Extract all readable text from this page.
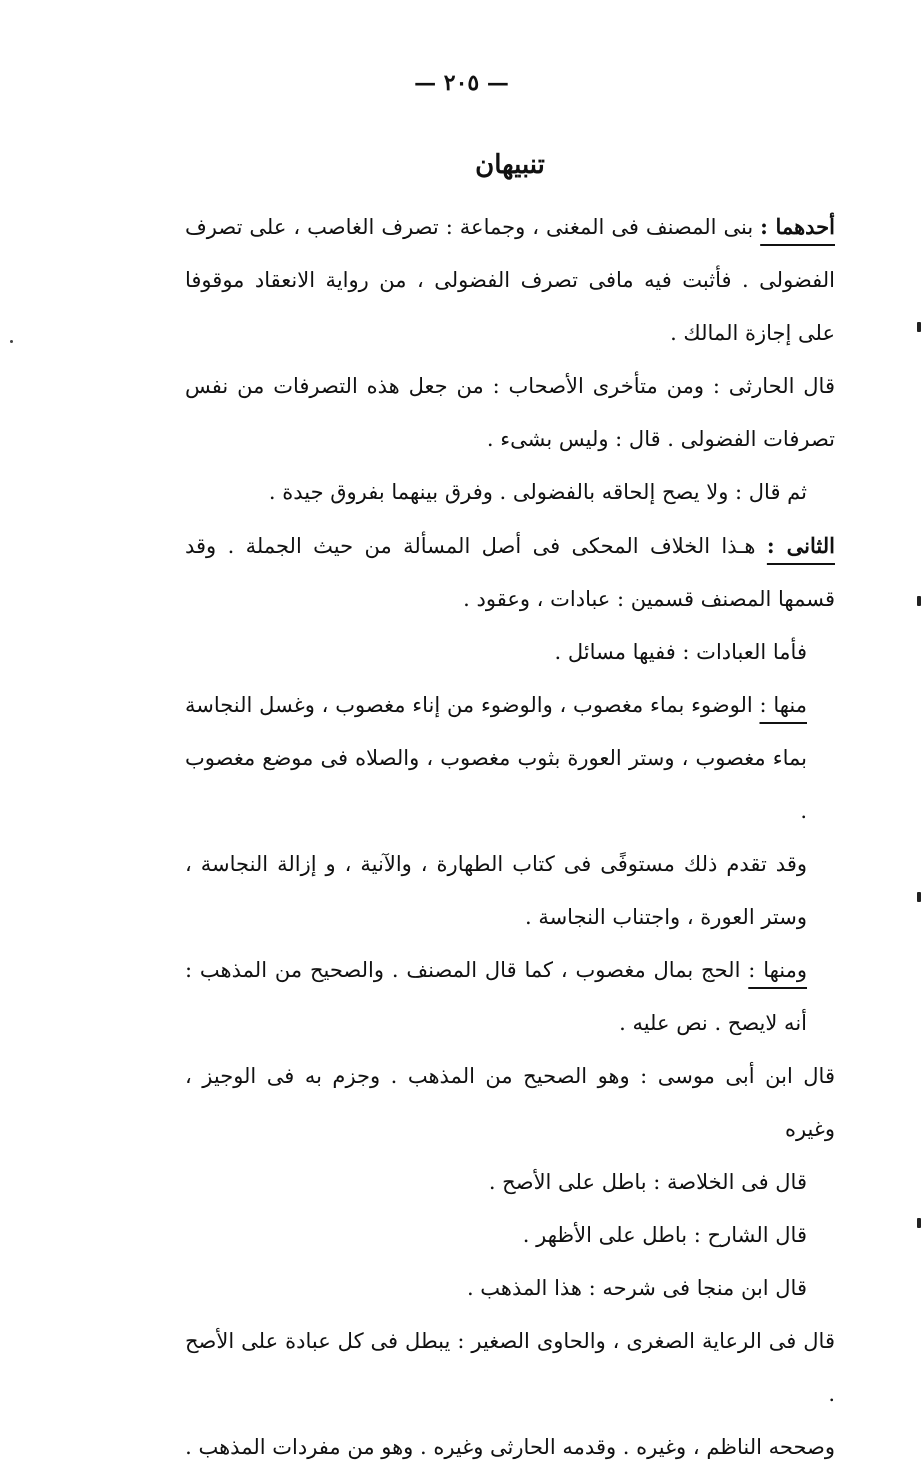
— ٢٠٥ —
تنبيهان

أحدهما : بنى المصنف فى المغنى ، وجماعة : تصرف الغاصب ، على تصرف الفضولى . فأثبت فيه مافى تصرف الفضولى ، من رواية الانعقاد موقوفا على إجازة المالك .

قال الحارثى : ومن متأخرى الأصحاب : من جعل هذه التصرفات من نفس تصرفات الفضولى . قال : وليس بشىء .

ثم قال : ولا يصح إلحاقه بالفضولى . وفرق بينهما بفروق جيدة .

الثانى : هـذا الخلاف المحكى فى أصل المسألة من حيث الجملة . وقد قسمها المصنف قسمين : عبادات ، وعقود .

فأما العبادات : ففيها مسائل .

منها : الوضوء بماء مغصوب ، والوضوء من إناء مغصوب ، وغسل النجاسة بماء مغصوب ، وستر العورة بثوب مغصوب ، والصلاه فى موضع مغصوب .

وقد تقدم ذلك مستوفًى فى كتاب الطهارة ، والآنية ، و إزالة النجاسة ، وستر العورة ، واجتناب النجاسة .

ومنها : الحج بمال مغصوب ، كما قال المصنف . والصحيح من المذهب : أنه لايصح . نص عليه .

قال ابن أبى موسى : وهو الصحيح من المذهب . وجزم به فى الوجيز ، وغيره

قال فى الخلاصة : باطل على الأصح .

قال الشارح : باطل على الأظهر .

قال ابن منجا فى شرحه : هذا المذهب .

قال فى الرعاية الصغرى ، والحاوى الصغير : يبطل فى كل عبادة على الأصح .

وصححه الناظم ، وغيره . وقدمه الحارثى وغيره . وهو من مفردات المذهب .
